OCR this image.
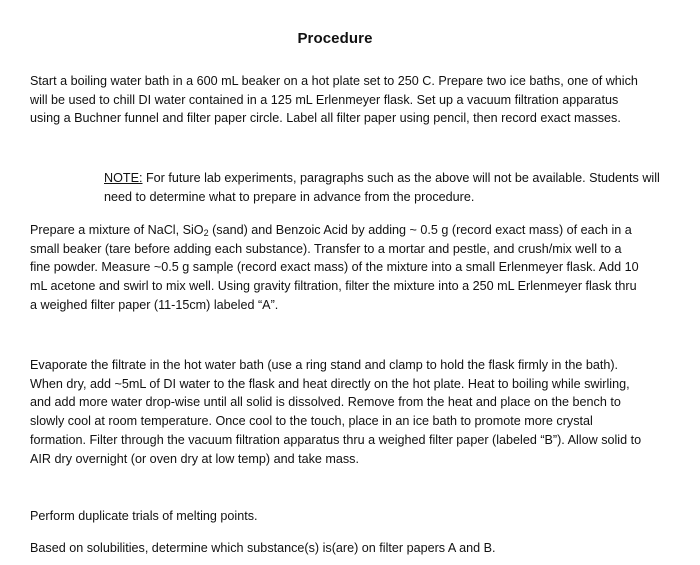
Procedure

Start a boiling water bath in a 600 mL beaker on a hot plate set to 250 C. Prepare two ice baths, one of which will be used to chill DI water contained in a 125 mL Erlenmeyer flask. Set up a vacuum filtration apparatus using a Buchner funnel and filter paper circle. Label all filter paper using pencil, then record exact masses.

NOTE: For future lab experiments, paragraphs such as the above will not be available. Students will need to determine what to prepare in advance from the procedure.

Prepare a mixture of NaCl, SiO$_2$ (sand) and Benzoic Acid by adding ~ 0.5 g (record exact mass) of each in a small beaker (tare before adding each substance). Transfer to a mortar and pestle, and crush/mix well to a fine powder. Measure ~0.5 g sample (record exact mass) of the mixture into a small Erlenmeyer flask. Add 10 mL acetone and swirl to mix well. Using gravity filtration, filter the mixture into a 250 mL Erlenmeyer flask thru a weighed filter paper (11-15cm) labeled “A”.

Evaporate the filtrate in the hot water bath (use a ring stand and clamp to hold the flask firmly in the bath). When dry, add ~5mL of DI water to the flask and heat directly on the hot plate. Heat to boiling while swirling, and add more water drop-wise until all solid is dissolved. Remove from the heat and place on the bench to slowly cool at room temperature. Once cool to the touch, place in an ice bath to promote more crystal formation. Filter through the vacuum filtration apparatus thru a weighed filter paper (labeled “B”). Allow solid to AIR dry overnight (or oven dry at low temp) and take mass.

Perform duplicate trials of melting points.

Based on solubilities, determine which substance(s) is(are) on filter papers A and B.
